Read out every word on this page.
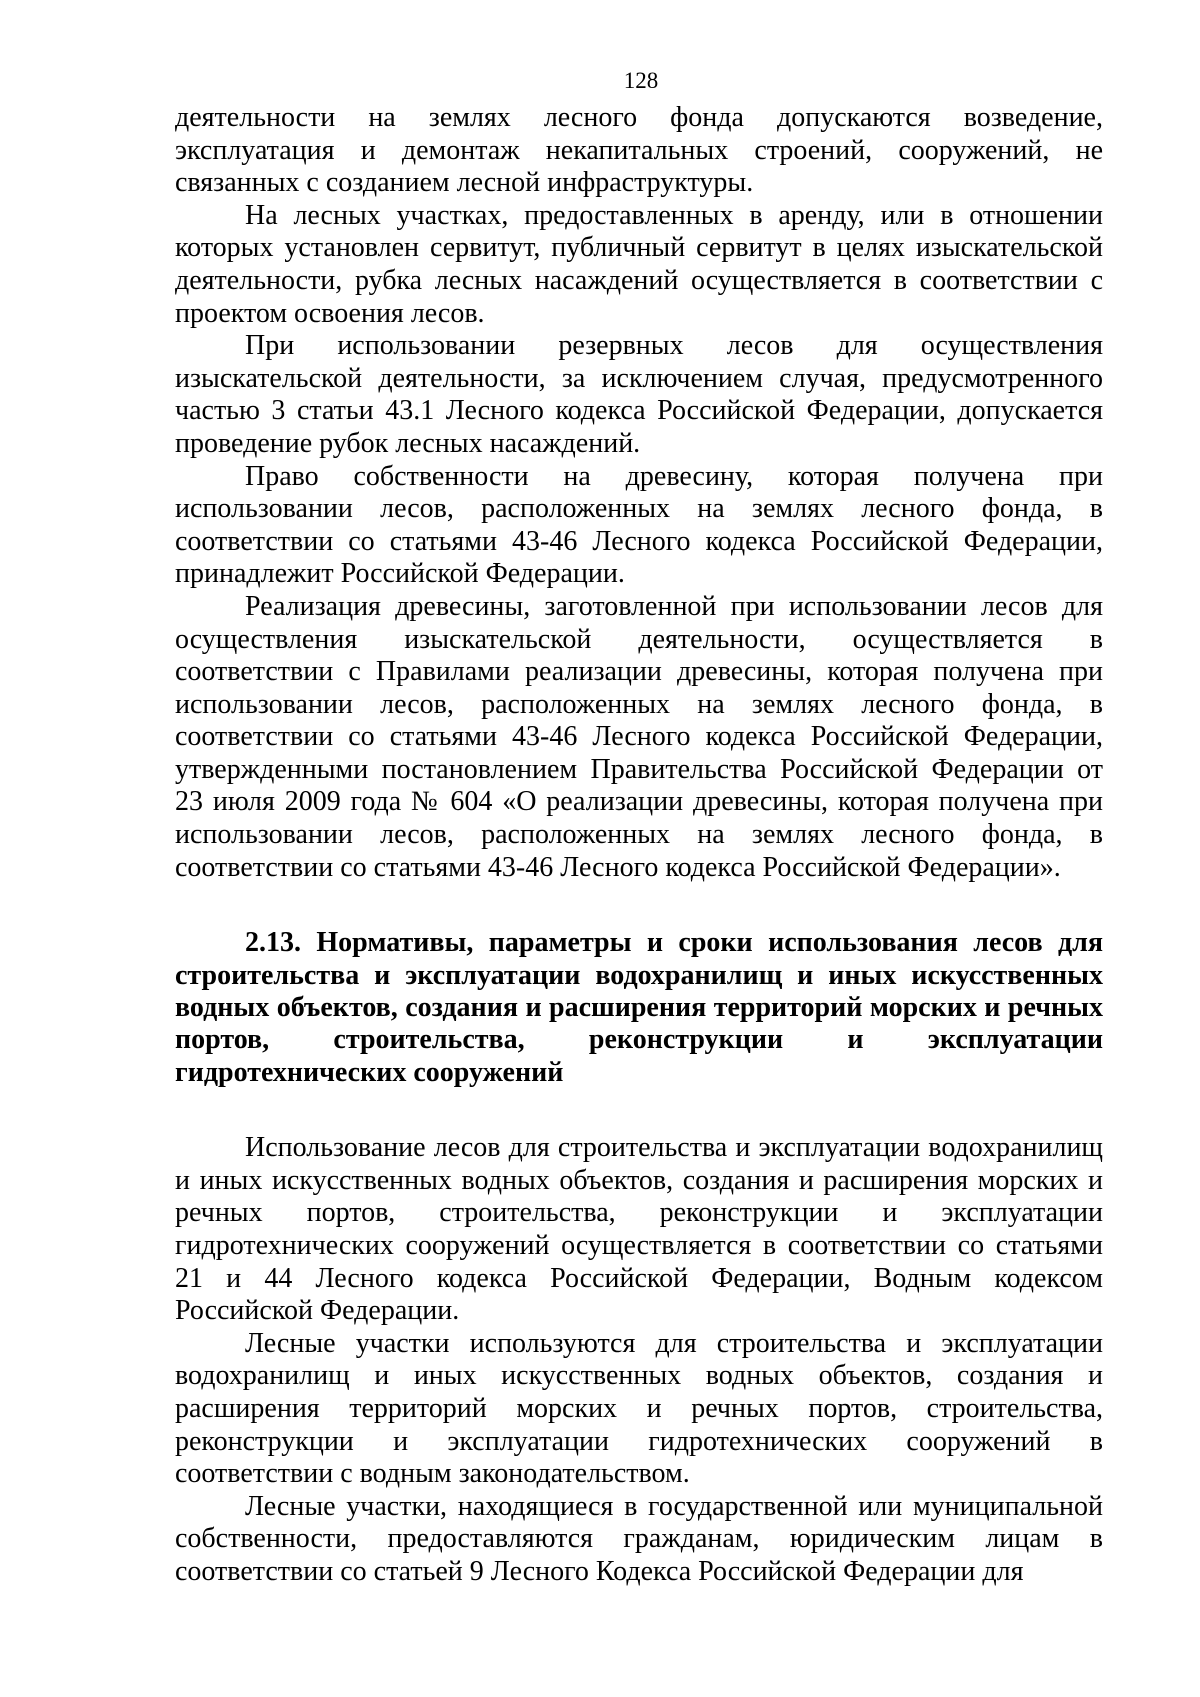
128

деятельности на землях лесного фонда допускаются возведение, эксплуатация и демонтаж некапитальных строений, сооружений, не связанных с созданием лесной инфраструктуры.

На лесных участках, предоставленных в аренду, или в отношении которых установлен сервитут, публичный сервитут в целях изыскательской деятельности, рубка лесных насаждений осуществляется в соответствии с проектом освоения лесов.

При использовании резервных лесов для осуществления изыскательской деятельности, за исключением случая, предусмотренного частью 3 статьи 43.1 Лесного кодекса Российской Федерации, допускается проведение рубок лесных насаждений.

Право собственности на древесину, которая получена при использовании лесов, расположенных на землях лесного фонда, в соответствии со статьями 43-46 Лесного кодекса Российской Федерации, принадлежит Российской Федерации.

Реализация древесины, заготовленной при использовании лесов для осуществления изыскательской деятельности, осуществляется в соответствии с Правилами реализации древесины, которая получена при использовании лесов, расположенных на землях лесного фонда, в соответствии со статьями 43-46 Лесного кодекса Российской Федерации, утвержденными постановлением Правительства Российской Федерации от 23 июля 2009 года № 604 «О реализации древесины, которая получена при использовании лесов, расположенных на землях лесного фонда, в соответствии со статьями 43-46 Лесного кодекса Российской Федерации».

2.13. Нормативы, параметры и сроки использования лесов для строительства и эксплуатации водохранилищ и иных искусственных водных объектов, создания и расширения территорий морских и речных портов, строительства, реконструкции и эксплуатации гидротехнических сооружений

Использование лесов для строительства и эксплуатации водохранилищ и иных искусственных водных объектов, создания и расширения морских и речных портов, строительства, реконструкции и эксплуатации гидротехнических сооружений осуществляется в соответствии со статьями 21 и 44 Лесного кодекса Российской Федерации, Водным кодексом Российской Федерации.

Лесные участки используются для строительства и эксплуатации водохранилищ и иных искусственных водных объектов, создания и расширения территорий морских и речных портов, строительства, реконструкции и эксплуатации гидротехнических сооружений в соответствии с водным законодательством.

Лесные участки, находящиеся в государственной или муниципальной собственности, предоставляются гражданам, юридическим лицам в соответствии со статьей 9 Лесного Кодекса Российской Федерации для
